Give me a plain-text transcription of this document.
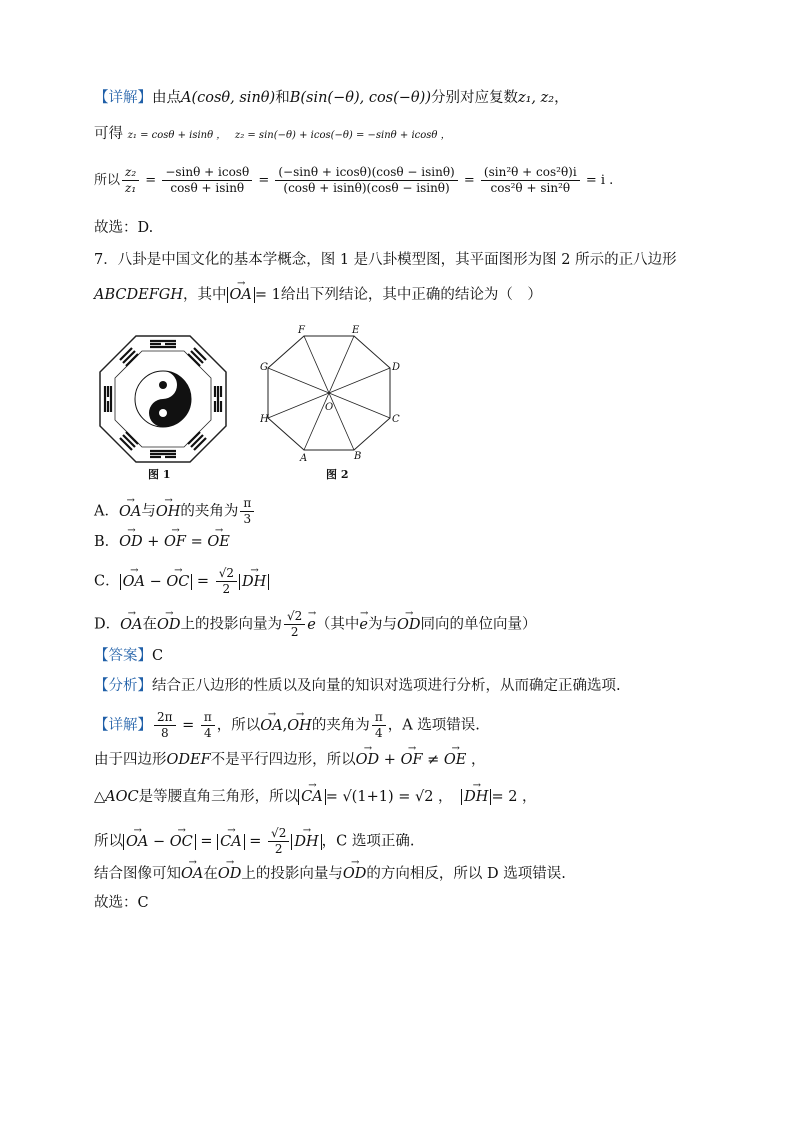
【详解】由点A(cosθ, sinθ)和B(sin(−θ), cos(−θ))分别对应复数z₁, z₂，
可得 z₁ = cosθ + isinθ ， z₂ = sin(−θ) + icos(−θ) = −sinθ + icosθ ，
所以 $\frac{\text{z₂}}{\text{z₁}} = \frac{-\sin\theta + icos\theta}{\cos\theta + isin\theta} = \frac{(-\sin\theta + icos\theta)(\cos\theta - isin\theta)}{(\cos\theta + isin\theta)(\cos\theta - isin\theta)} = \frac{\text{(sin²θ + cos²θ)i}}{\text{cos²θ + sin²θ}} = i$ .
故选：D.
7．八卦是中国文化的基本学概念，图 1 是八卦模型图，其平面图形为图 2 所示的正八边形
ABCDEFGH，其中→ OA = 1给出下列结论，其中正确的结论为（　）
图 1
A	B
C
D
E
F
G
H
O
图 2
A．→ OA与→ OH的夹角为 $\frac{\pi}{3}$
B．→ OD + → OF = → OE
C．→ OA − → OC = $\frac{√2}{2}$
→ DH
D．→ OA在→ OD上的投影向量为 $\frac{√2}{2}$
→ e（其中→ e为与→ OD同向的单位向量）
【答案】C
【分析】结合正八边形的性质以及向量的知识对选项进行分析，从而确定正确选项.
【详解】 $\frac{2\pi}{8} = \frac{\pi}{4}$ ，所以→ OA,→ OH的夹角为 $\frac{\pi}{4}$ ，A 选项错误.
由于四边形ODEF不是平行四边形，所以→ OD + → OF ≠ → OE ，
△AOC是等腰直角三角形，所以→ CA = √(1+1) = √2 ， → DH = 2 ，
所以→ OA − → OC = → CA = $\frac{√2}{2}$
→ DH ，C 选项正确.
结合图像可知→ OA在→ OD上的投影向量与→ OD的方向相反，所以 D 选项错误.
故选：C
